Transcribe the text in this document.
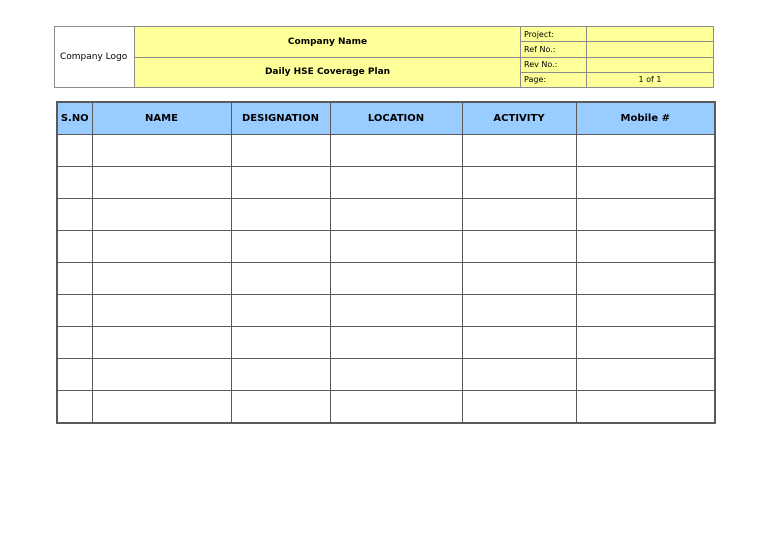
Company Logo	Company Name	Project:	
		Ref No.:	
	Daily HSE Coverage Plan	Rev No.:	
		Page:	1 of 1
S.NO	NAME	DESIGNATION	LOCATION	ACTIVITY	Mobile #
